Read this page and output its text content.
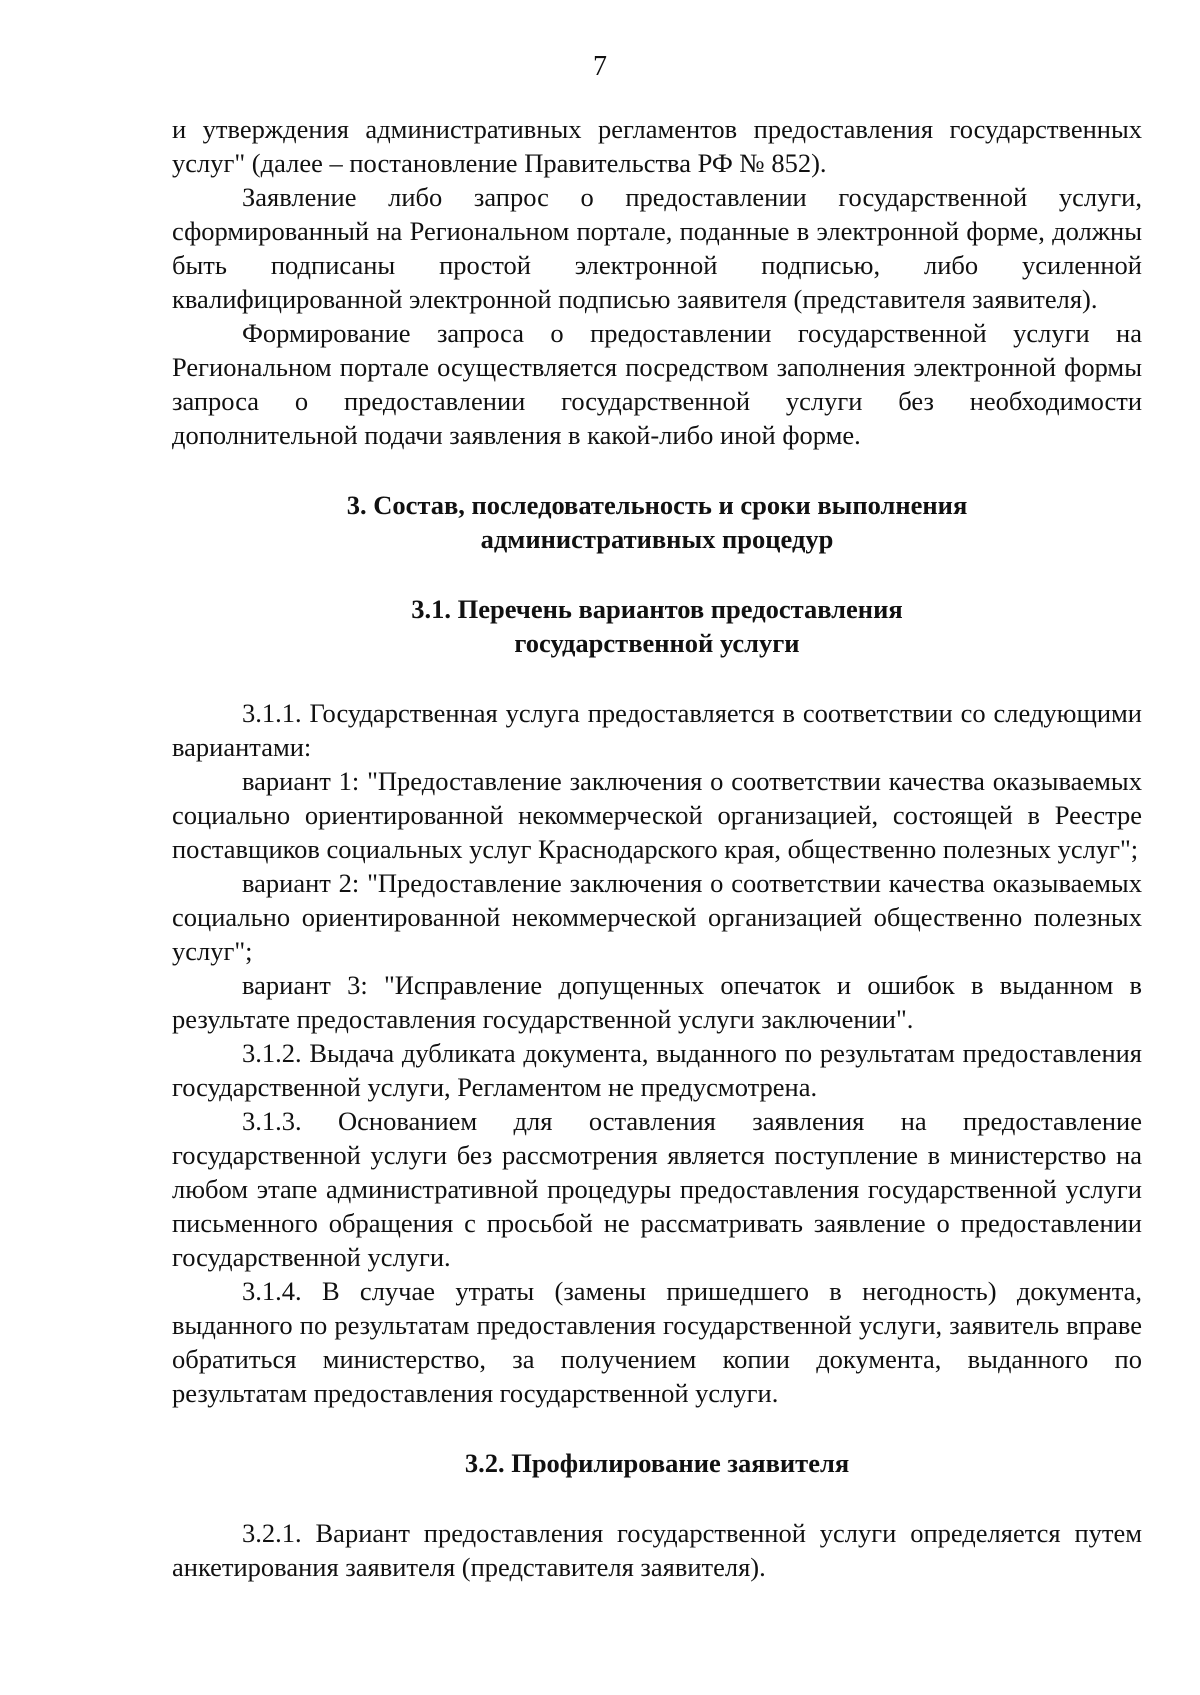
7

и утверждения административных регламентов предоставления государственных услуг" (далее – постановление Правительства РФ № 852).

Заявление либо запрос о предоставлении государственной услуги, сформированный на Региональном портале, поданные в электронной форме, должны быть подписаны простой электронной подписью, либо усиленной квалифицированной электронной подписью заявителя (представителя заявителя).

Формирование запроса о предоставлении государственной услуги на Региональном портале осуществляется посредством заполнения электронной формы запроса о предоставлении государственной услуги без необходимости дополнительной подачи заявления в какой-либо иной форме.

3. Состав, последовательность и сроки выполнения
административных процедур
3.1. Перечень вариантов предоставления
государственной услуги

3.1.1. Государственная услуга предоставляется в соответствии со следующими вариантами:

вариант 1: "Предоставление заключения о соответствии качества оказываемых социально ориентированной некоммерческой организацией, состоящей в Реестре поставщиков социальных услуг Краснодарского края, общественно полезных услуг";

вариант 2: "Предоставление заключения о соответствии качества оказываемых социально ориентированной некоммерческой организацией общественно полезных услуг";

вариант 3: "Исправление допущенных опечаток и ошибок в выданном в результате предоставления государственной услуги заключении".

3.1.2. Выдача дубликата документа, выданного по результатам предоставления государственной услуги, Регламентом не предусмотрена.

3.1.3. Основанием для оставления заявления на предоставление государственной услуги без рассмотрения является поступление в министерство на любом этапе административной процедуры предоставления государственной услуги письменного обращения с просьбой не рассматривать заявление о предоставлении государственной услуги.

3.1.4. В случае утраты (замены пришедшего в негодность) документа, выданного по результатам предоставления государственной услуги, заявитель вправе обратиться министерство, за получением копии документа, выданного по результатам предоставления государственной услуги.

3.2. Профилирование заявителя

3.2.1. Вариант предоставления государственной услуги определяется путем анкетирования заявителя (представителя заявителя).
